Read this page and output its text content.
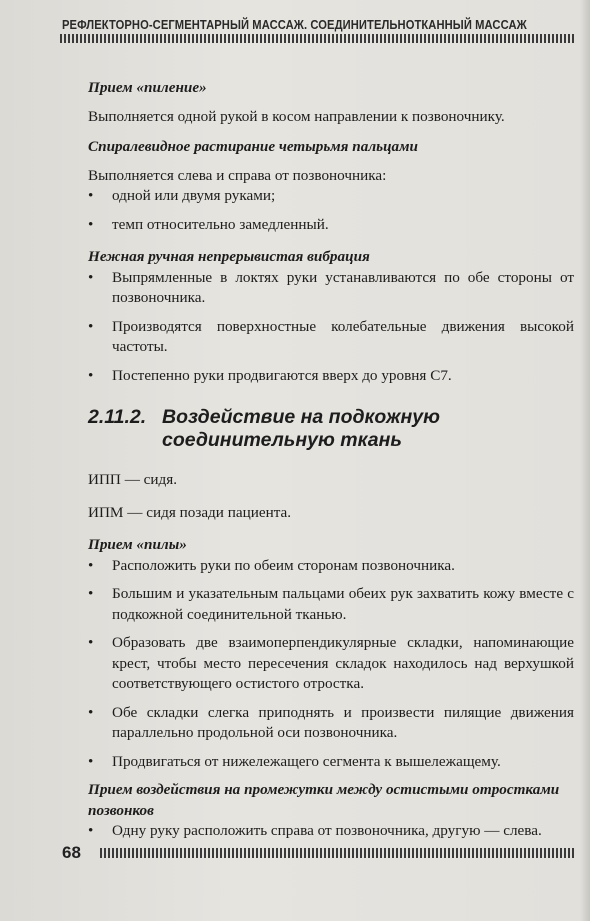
РЕФЛЕКТОРНО-СЕГМЕНТАРНЫЙ МАССАЖ. СОЕДИНИТЕЛЬНОТКАННЫЙ МАССАЖ

Прием «пиление»

Выполняется одной рукой в косом направлении к позвоночнику.

Спиралевидное растирание четырьмя пальцами

Выполняется слева и справа от позвоночника:

• одной или двумя руками;
• темп относительно замедленный.

Нежная ручная непрерывистая вибрация

• Выпрямленные в локтях руки устанавливаются по обе стороны от позвоночника.
• Производятся поверхностные колебательные движения высокой частоты.
• Постепенно руки продвигаются вверх до уровня С7.
2.11.2. Воздействие на подкожную соединительную ткань

ИПП — сидя.

ИПМ — сидя позади пациента.

Прием «пилы»

• Расположить руки по обеим сторонам позвоночника.
• Большим и указательным пальцами обеих рук захватить кожу вместе с подкожной соединительной тканью.
• Образовать две взаимоперпендикулярные складки, напоминающие крест, чтобы место пересечения складок находилось над верхушкой соответствующего остистого отростка.
• Обе складки слегка приподнять и произвести пилящие движения параллельно продольной оси позвоночника.
• Продвигаться от нижележащего сегмента к вышележащему.

Прием воздействия на промежутки между остистыми отростками позвонков

• Одну руку расположить справа от позвоночника, другую — слева.
68
